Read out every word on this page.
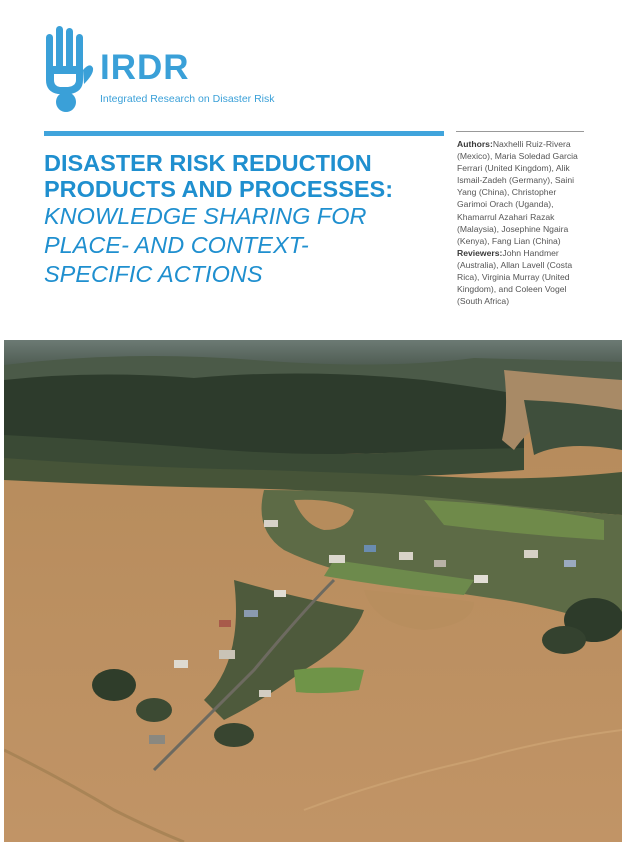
IRDR
Integrated Research on Disaster Risk
DISASTER RISK REDUCTION
PRODUCTS AND PROCESSES:
KNOWLEDGE SHARING FOR
PLACE- AND CONTEXT-
SPECIFIC ACTIONS
Authors:Naxhelli Ruiz-Rivera (Mexico), Maria Soledad Garcia Ferrari (United Kingdom), Alik Ismail-Zadeh (Germany), Saini Yang (China), Christopher Garimoi Orach (Uganda), Khamarrul Azahari Razak (Malaysia), Josephine Ngaira (Kenya), Fang Lian (China)
Reviewers:John Handmer (Australia), Allan Lavell (Costa Rica), Virginia Murray (United Kingdom), and Coleen Vogel (South Africa)
